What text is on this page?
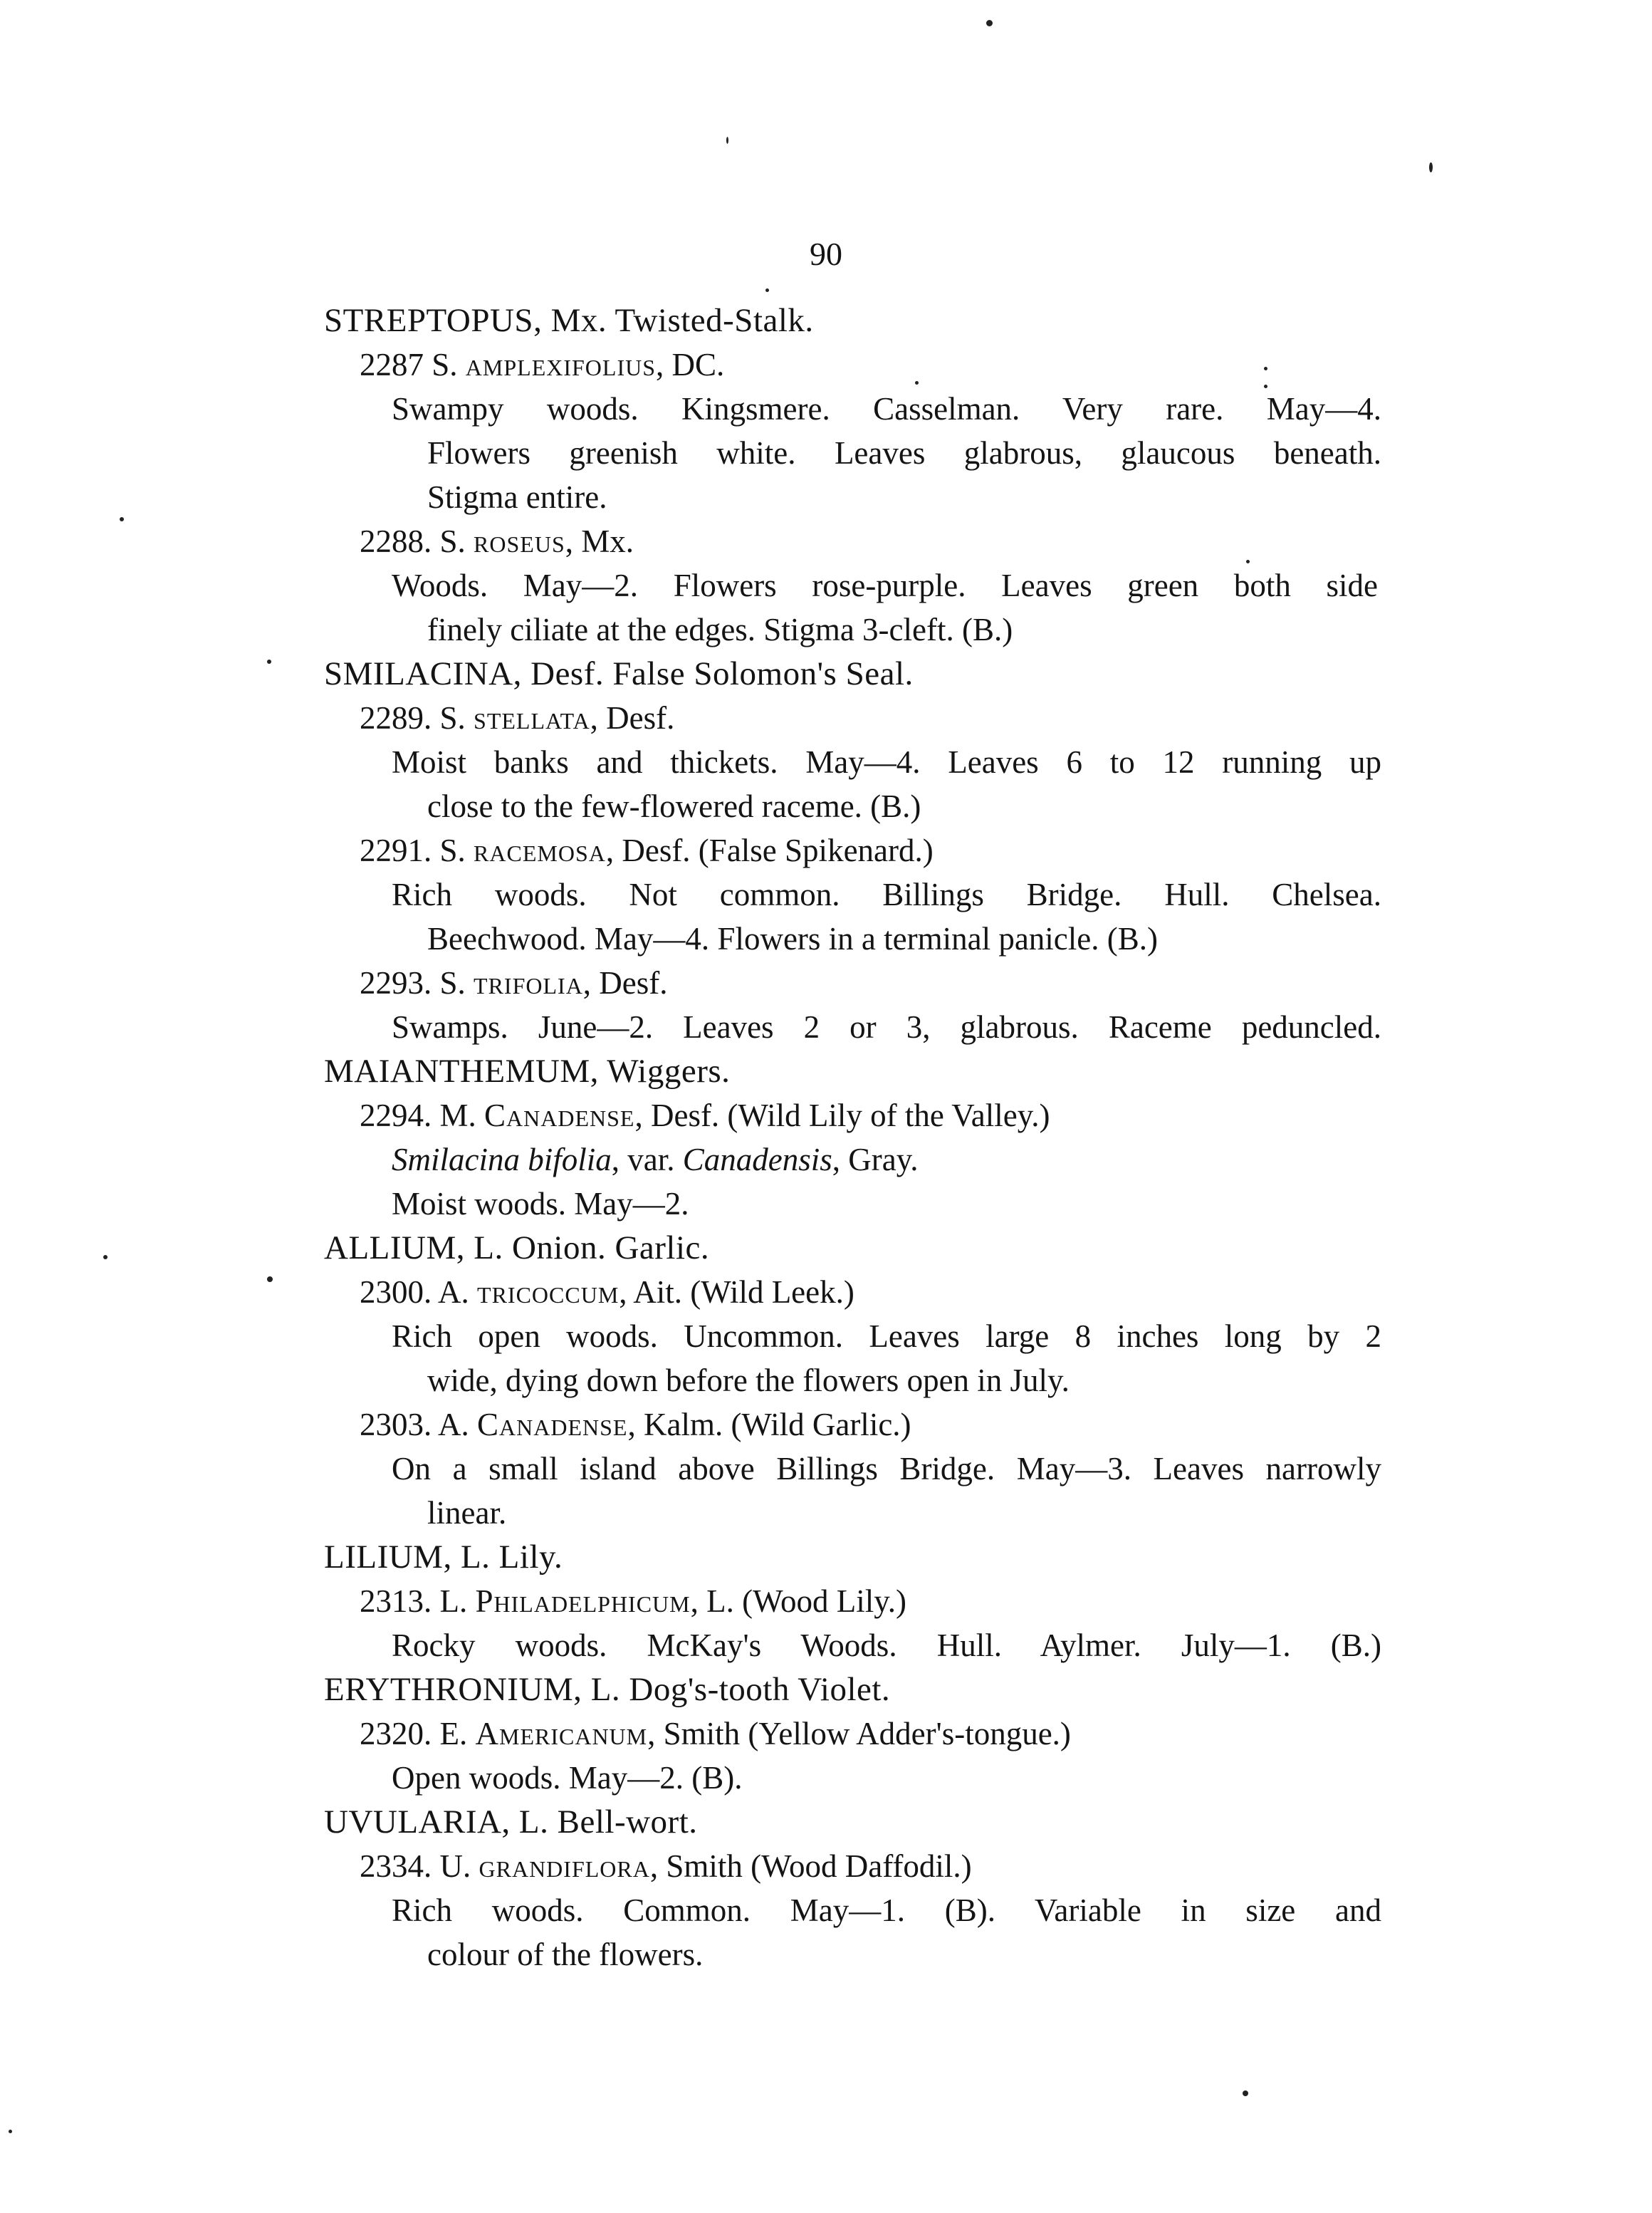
90
STREPTOPUS, Mx. Twisted-Stalk.
2287 S. amplexifolius, DC.
Swampy woods. Kingsmere. Casselman. Very rare. May—4.
Flowers greenish white. Leaves glabrous, glaucous beneath.
Stigma entire.
2288. S. roseus, Mx.
Woods. May—2. Flowers rose-purple. Leaves green both side
finely ciliate at the edges. Stigma 3-cleft. (B.)
SMILACINA, Desf. False Solomon's Seal.
2289. S. stellata, Desf.
Moist banks and thickets. May—4. Leaves 6 to 12 running up
close to the few-flowered raceme. (B.)
2291. S. racemosa, Desf. (False Spikenard.)
Rich woods. Not common. Billings Bridge. Hull. Chelsea.
Beechwood. May—4. Flowers in a terminal panicle. (B.)
2293. S. trifolia, Desf.
Swamps. June—2. Leaves 2 or 3, glabrous. Raceme peduncled.
MAIANTHEMUM, Wiggers.
2294. M. Canadense, Desf. (Wild Lily of the Valley.)
Smilacina bifolia, var. Canadensis, Gray.
Moist woods. May—2.
ALLIUM, L. Onion. Garlic.
2300. A. tricoccum, Ait. (Wild Leek.)
Rich open woods. Uncommon. Leaves large 8 inches long by 2
wide, dying down before the flowers open in July.
2303. A. Canadense, Kalm. (Wild Garlic.)
On a small island above Billings Bridge. May—3. Leaves narrowly
linear.
LILIUM, L. Lily.
2313. L. Philadelphicum, L. (Wood Lily.)
Rocky woods. McKay's Woods. Hull. Aylmer. July—1. (B.)
ERYTHRONIUM, L. Dog's-tooth Violet.
2320. E. Americanum, Smith (Yellow Adder's-tongue.)
Open woods. May—2. (B).
UVULARIA, L. Bell-wort.
2334. U. grandiflora, Smith (Wood Daffodil.)
Rich woods. Common. May—1. (B). Variable in size and
colour of the flowers.
